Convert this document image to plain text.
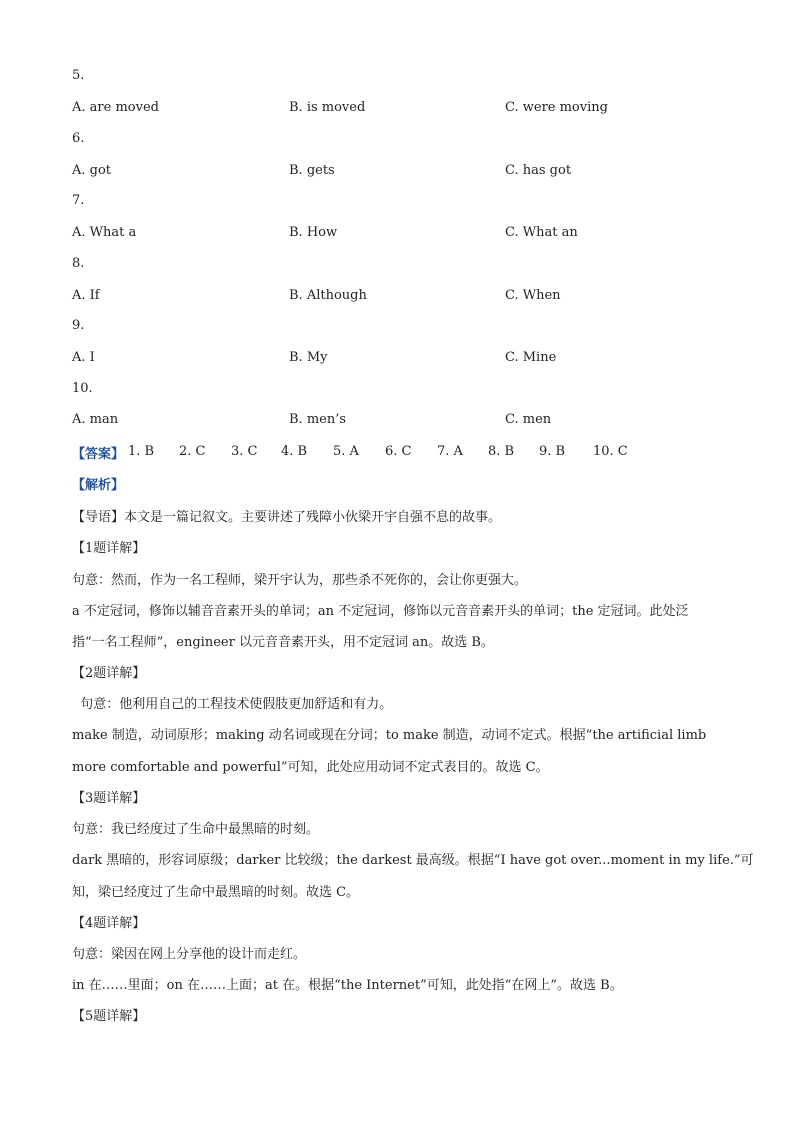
5.
A. are moved	B. is moved	C. were moving
6.
A. got	B. gets	C. has got
7.
A. What a	B. How	C. What an
8.
A. If	B. Although	C. When
9.
A. I	B. My	C. Mine
10.
A. man	B. men’s	C. men
【答案】 1. B 2. C 3. C 4. B 5. A 6. C 7. A 8. B 9. B 10. C
【解析】
【导语】本文是一篇记叙文。主要讲述了残障小伙梁开宇自强不息的故事。
【1题详解】
句意：然而，作为一名工程师，梁开宇认为，那些杀不死你的，会让你更强大。
a 不定冠词，修饰以辅音音素开头的单词；an 不定冠词，修饰以元音音素开头的单词；the 定冠词。此处泛
指“一名工程师”，engineer 以元音音素开头，用不定冠词 an。故选 B。
【2题详解】
句意：他利用自己的工程技术使假肢更加舒适和有力。
make 制造，动词原形；making 动名词或现在分词；to make 制造，动词不定式。根据“the artificial limb
more comfortable and powerful”可知，此处应用动词不定式表目的。故选 C。
【3题详解】
句意：我已经度过了生命中最黑暗的时刻。
dark 黑暗的，形容词原级；darker 比较级；the darkest 最高级。根据“I have got over...moment in my life.”可
知，梁已经度过了生命中最黑暗的时刻。故选 C。
【4题详解】
句意：梁因在网上分享他的设计而走红。
in 在……里面；on 在……上面；at 在。根据“the Internet”可知，此处指“在网上”。故选 B。
【5题详解】
